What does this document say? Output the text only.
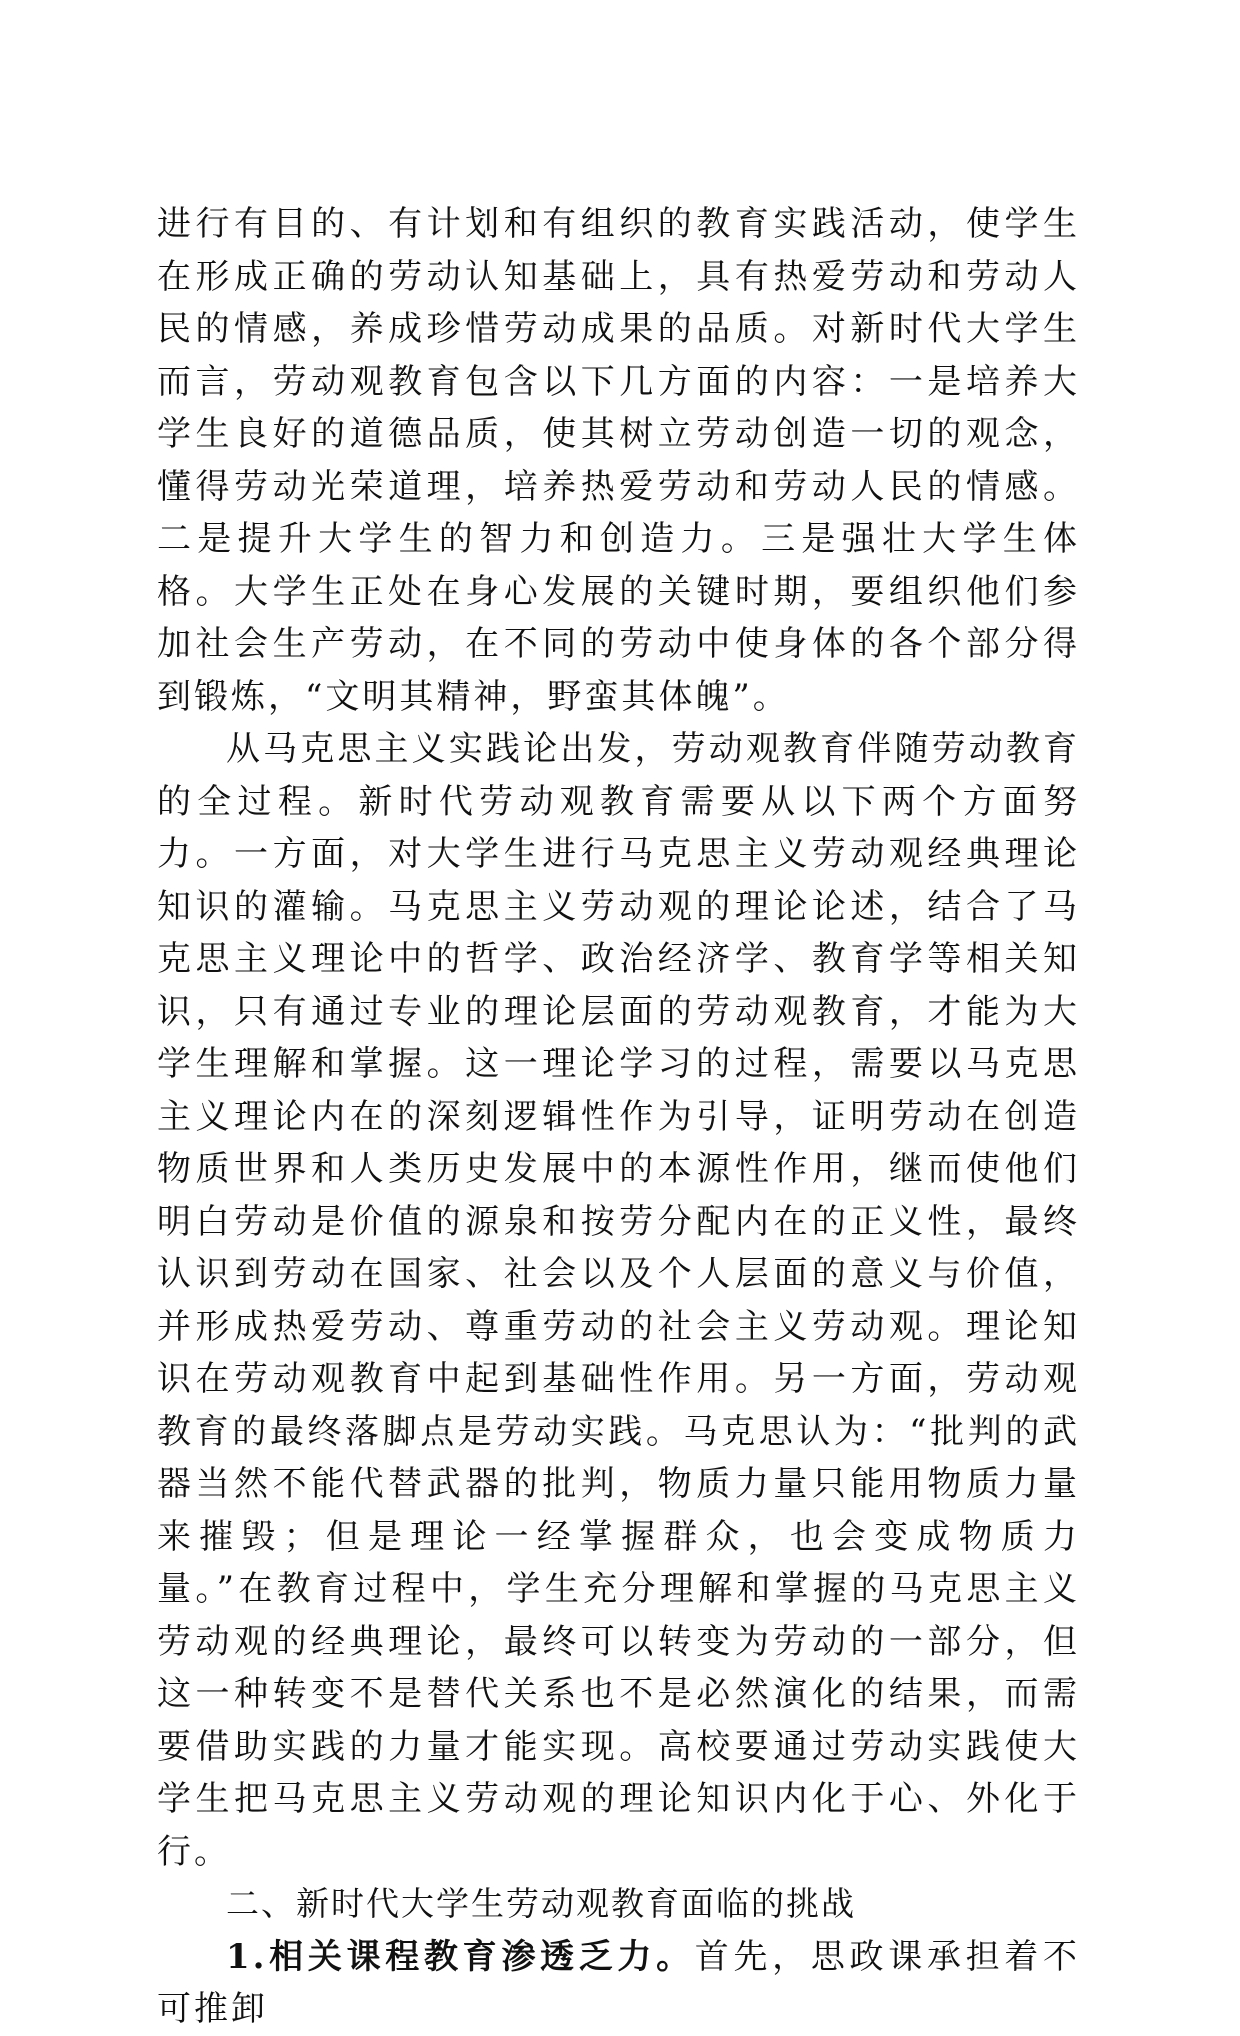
进行有目的、有计划和有组织的教育实践活动，使学生在形成正确的劳动认知基础上，具有热爱劳动和劳动人民的情感，养成珍惜劳动成果的品质。对新时代大学生而言，劳动观教育包含以下几方面的内容：一是培养大学生良好的道德品质，使其树立劳动创造一切的观念，懂得劳动光荣道理，培养热爱劳动和劳动人民的情感。二是提升大学生的智力和创造力。三是强壮大学生体格。大学生正处在身心发展的关键时期，要组织他们参加社会生产劳动，在不同的劳动中使身体的各个部分得到锻炼，“文明其精神，野蛮其体魄”。

从马克思主义实践论出发，劳动观教育伴随劳动教育的全过程。新时代劳动观教育需要从以下两个方面努力。一方面，对大学生进行马克思主义劳动观经典理论知识的灌输。马克思主义劳动观的理论论述，结合了马克思主义理论中的哲学、政治经济学、教育学等相关知识，只有通过专业的理论层面的劳动观教育，才能为大学生理解和掌握。这一理论学习的过程，需要以马克思主义理论内在的深刻逻辑性作为引导，证明劳动在创造物质世界和人类历史发展中的本源性作用，继而使他们明白劳动是价值的源泉和按劳分配内在的正义性，最终认识到劳动在国家、社会以及个人层面的意义与价值，并形成热爱劳动、尊重劳动的社会主义劳动观。理论知识在劳动观教育中起到基础性作用。另一方面，劳动观教育的最终落脚点是劳动实践。马克思认为：“批判的武器当然不能代替武器的批判，物质力量只能用物质力量来摧毁；但是理论一经掌握群众，也会变成物质力量。”在教育过程中，学生充分理解和掌握的马克思主义劳动观的经典理论，最终可以转变为劳动的一部分，但这一种转变不是替代关系也不是必然演化的结果，而需要借助实践的力量才能实现。高校要通过劳动实践使大学生把马克思主义劳动观的理论知识内化于心、外化于行。

二、新时代大学生劳动观教育面临的挑战

1.相关课程教育渗透乏力。首先，思政课承担着不可推卸
